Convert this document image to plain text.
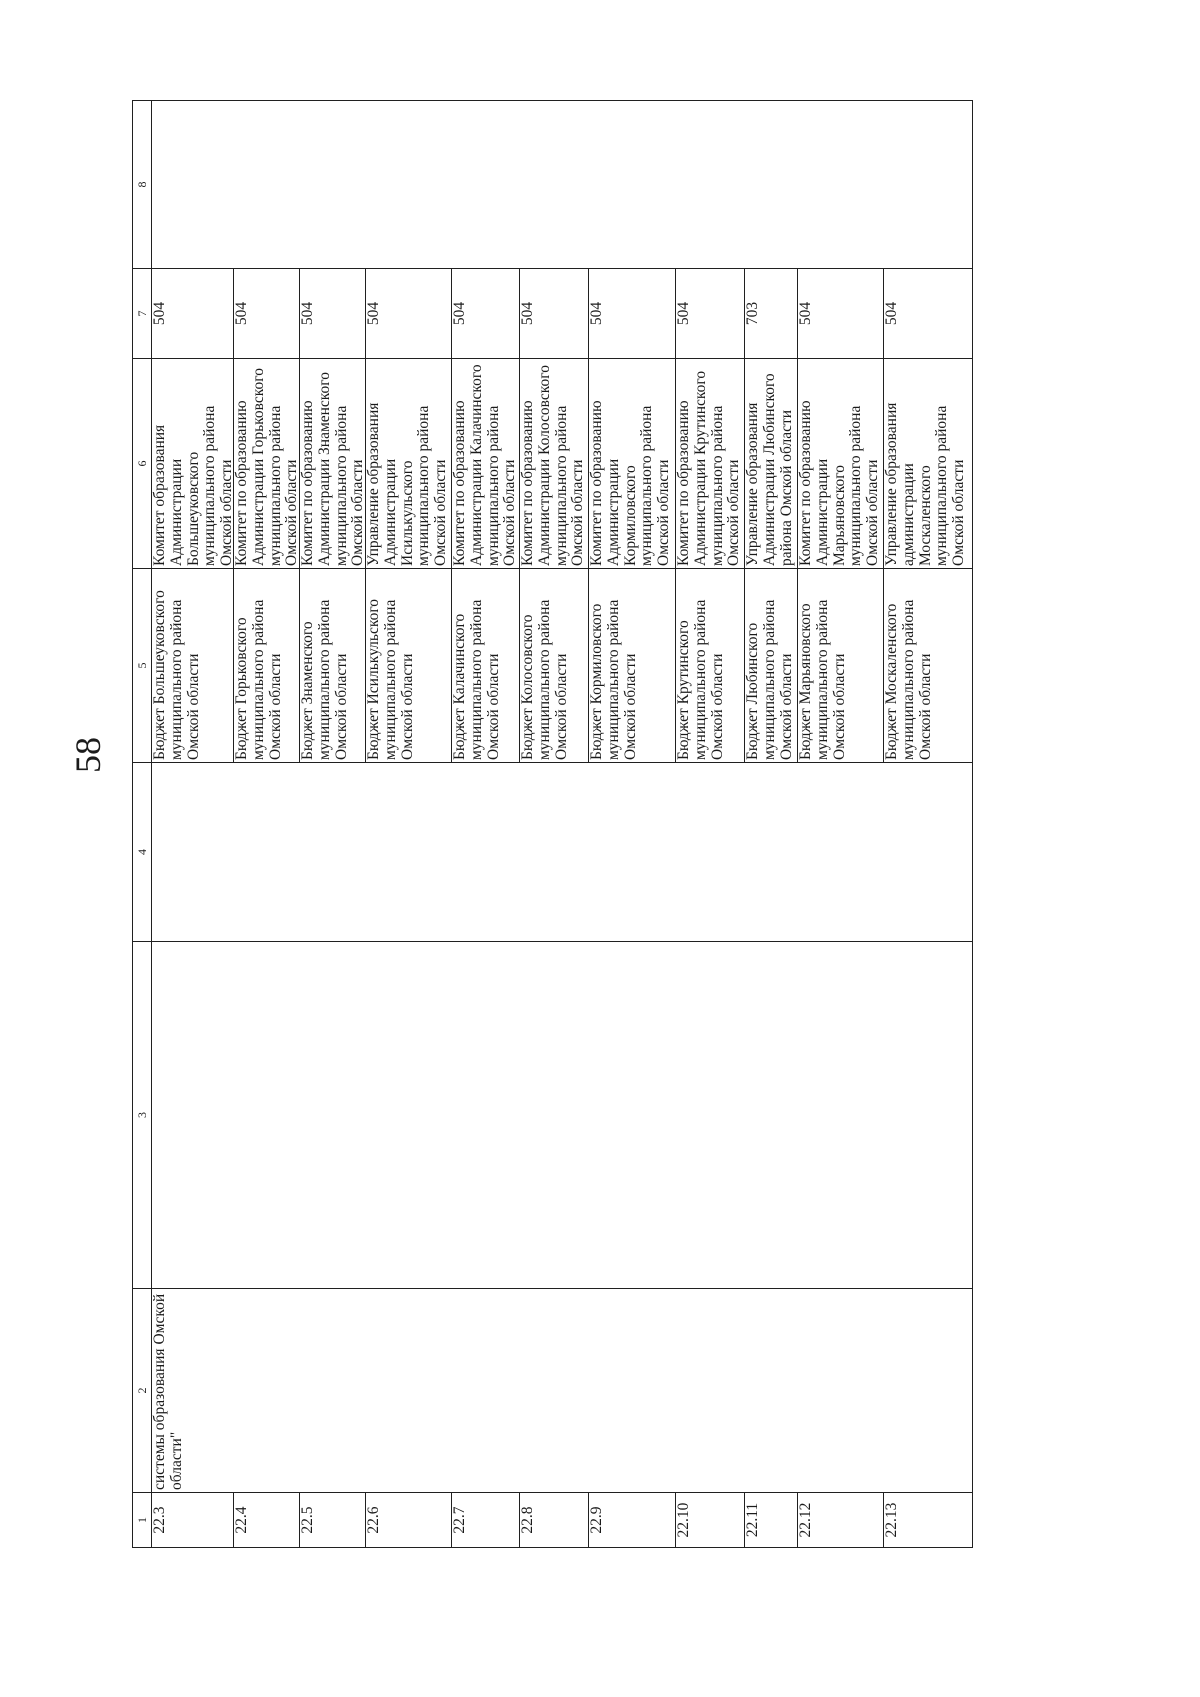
58
1
2
3
4
5
6
7
8
системы образования Омской
области"
22.3
Бюджет Большеуковского
муниципального района
Омской области
Комитет образования
Администрации
Большеуковского
муниципального района
Омской области
504
22.4
Бюджет Горьковского
муниципального района
Омской области
Комитет по образованию
Администрации Горьковского
муниципального района
Омской области
504
22.5
Бюджет Знаменского
муниципального района
Омской области
Комитет по образованию
Администрации Знаменского
муниципального района
Омской области
504
22.6
Бюджет Исилькульского
муниципального района
Омской области
Управление образования
Администрации
Исилькульского
муниципального района
Омской области
504
22.7
Бюджет Калачинского
муниципального района
Омской области
Комитет по образованию
Администрации Калачинского
муниципального района
Омской области
504
22.8
Бюджет Колосовского
муниципального района
Омской области
Комитет по образованию
Администрации Колосовского
муниципального района
Омской области
504
22.9
Бюджет Кормиловского
муниципального района
Омской области
Комитет по образованию
Администрации
Кормиловского
муниципального района
Омской области
504
22.10
Бюджет Крутинского
муниципального района
Омской области
Комитет по образованию
Администрации Крутинского
муниципального района
Омской области
504
22.11
Бюджет Любинского
муниципального района
Омской области
Управление образования
Администрации Любинского
района Омской области
703
22.12
Бюджет Марьяновского
муниципального района
Омской области
Комитет по образованию
Администрации
Марьяновского
муниципального района
Омской области
504
22.13
Бюджет Москаленского
муниципального района
Омской области
Управление образования
администрации
Москаленского
муниципального района
Омской области
504
